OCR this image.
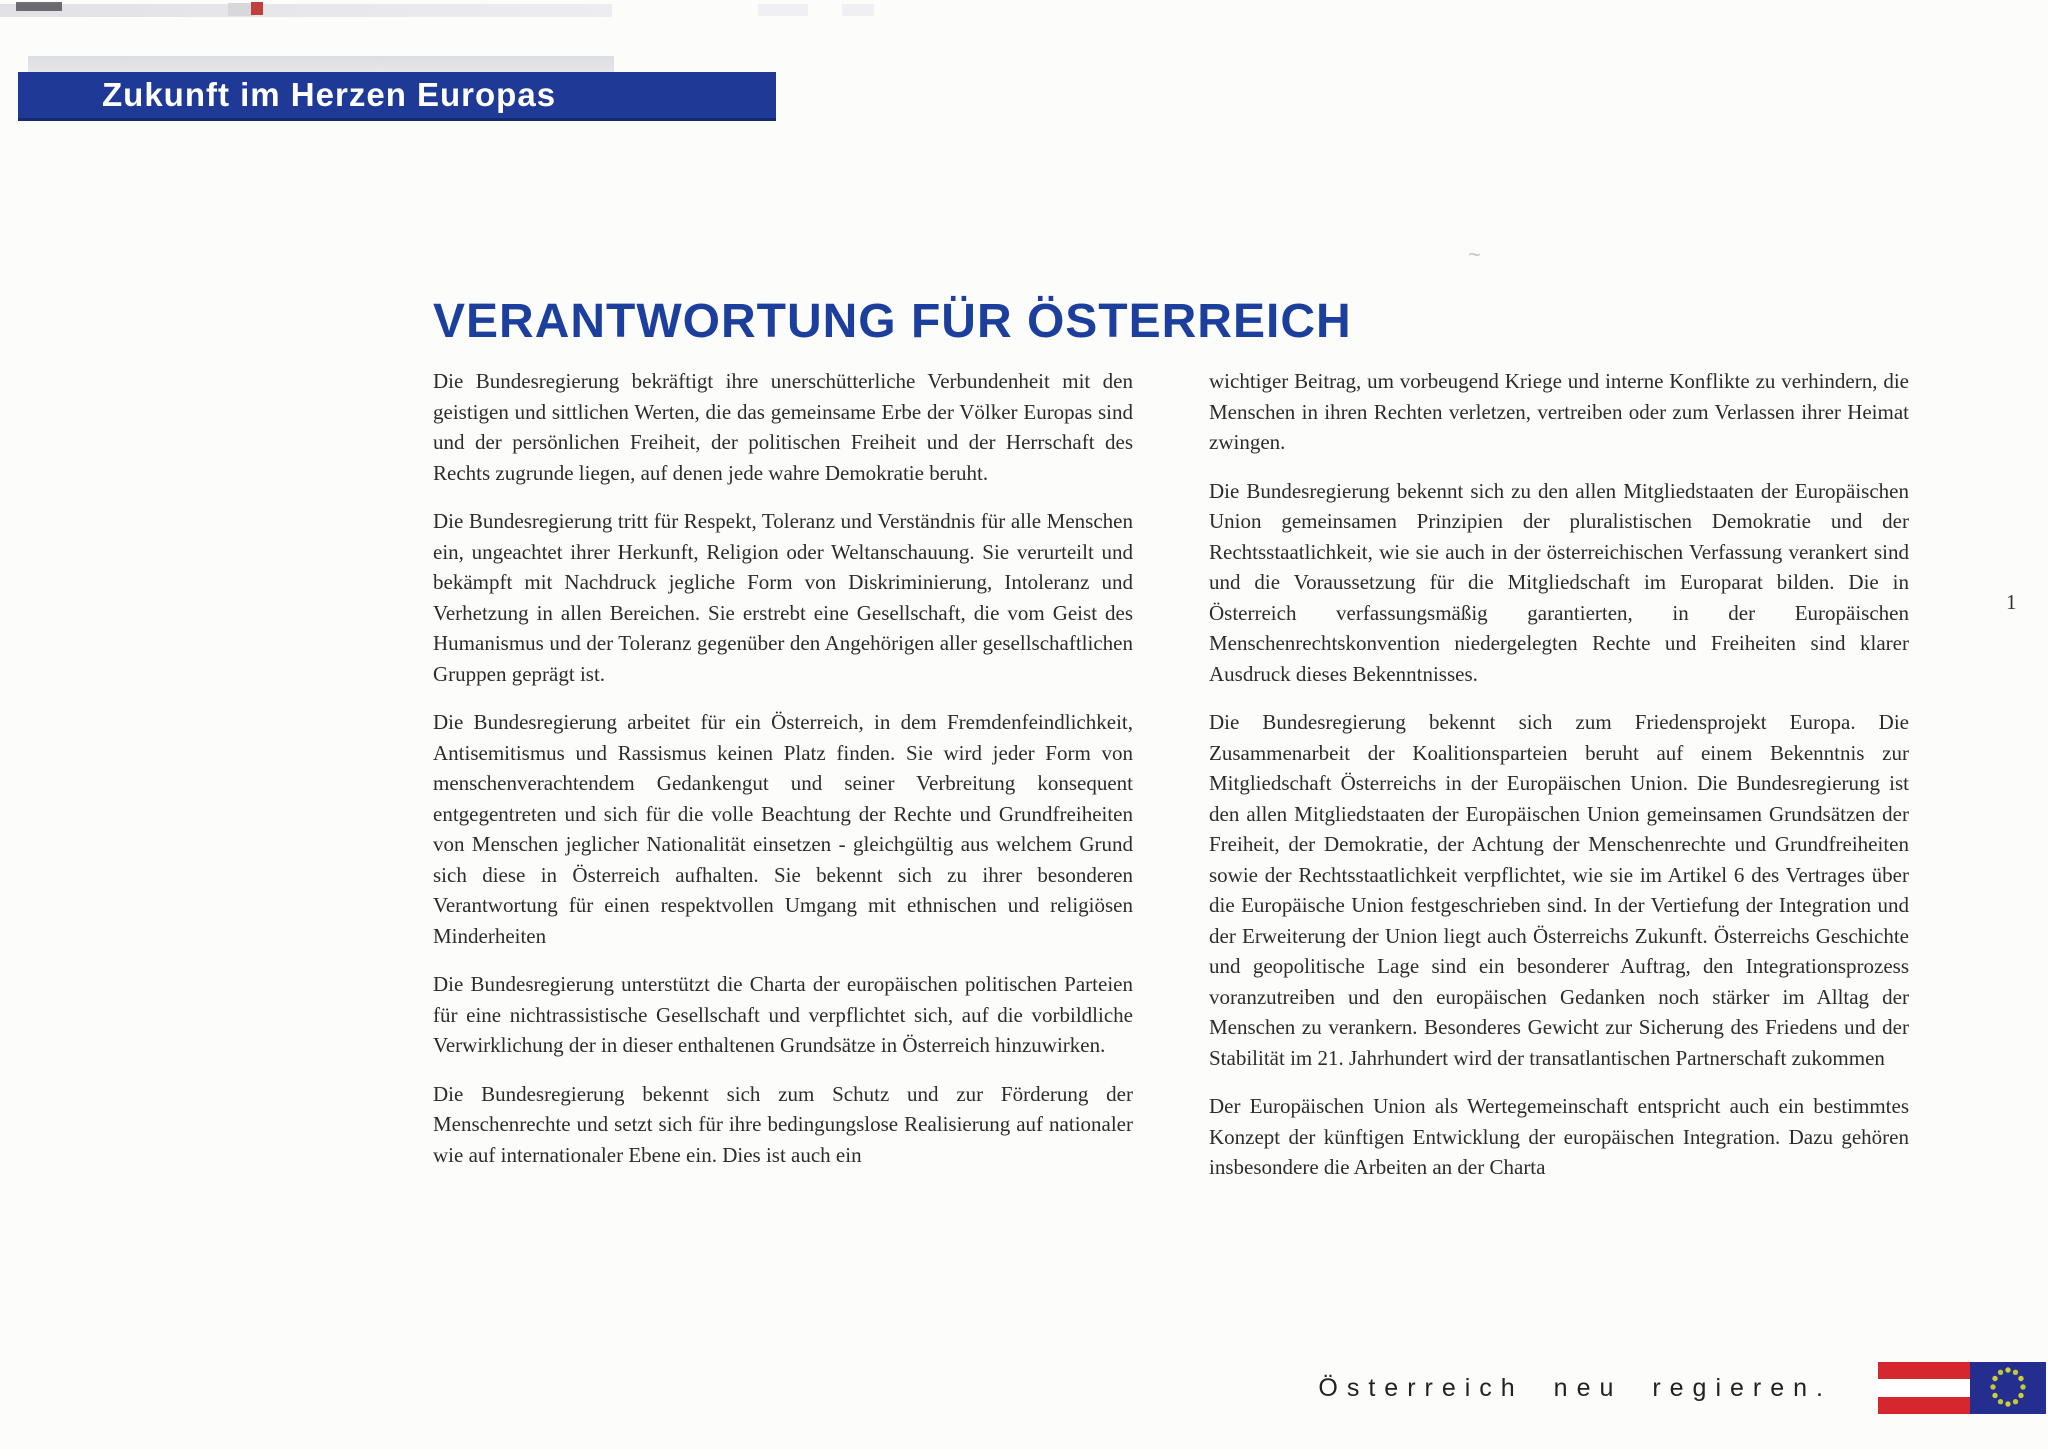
~
Zukunft im Herzen Europas
VERANTWORTUNG FÜR ÖSTERREICH

Die Bundesregierung bekräftigt ihre unerschütterliche Verbundenheit mit den geistigen und sittlichen Werten, die das gemeinsame Erbe der Völker Europas sind und der persönlichen Freiheit, der politischen Freiheit und der Herrschaft des Rechts zugrunde liegen, auf denen jede wahre Demokratie beruht.

Die Bundesregierung tritt für Respekt, Toleranz und Verständnis für alle Menschen ein, ungeachtet ihrer Herkunft, Religion oder Weltanschauung. Sie verurteilt und bekämpft mit Nachdruck jegliche Form von Diskriminierung, Intoleranz und Verhetzung in allen Bereichen. Sie erstrebt eine Gesellschaft, die vom Geist des Humanismus und der Toleranz gegenüber den Angehörigen aller gesellschaftlichen Gruppen geprägt ist.

Die Bundesregierung arbeitet für ein Österreich, in dem Fremdenfeindlichkeit, Antisemitismus und Rassismus keinen Platz finden. Sie wird jeder Form von menschenverachtendem Gedankengut und seiner Verbreitung konsequent entgegentreten und sich für die volle Beachtung der Rechte und Grundfreiheiten von Menschen jeglicher Nationalität einsetzen - gleichgültig aus welchem Grund sich diese in Österreich aufhalten. Sie bekennt sich zu ihrer besonderen Verantwortung für einen respektvollen Umgang mit ethnischen und religiösen Minderheiten

Die Bundesregierung unterstützt die Charta der europäischen politischen Parteien für eine nichtrassistische Gesellschaft und verpflichtet sich, auf die vorbildliche Verwirklichung der in dieser enthaltenen Grundsätze in Österreich hinzuwirken.

Die Bundesregierung bekennt sich zum Schutz und zur Förderung der Menschenrechte und setzt sich für ihre bedingungslose Realisierung auf nationaler wie auf internationaler Ebene ein. Dies ist auch ein

wichtiger Beitrag, um vorbeugend Kriege und interne Konflikte zu verhindern, die Menschen in ihren Rechten verletzen, vertreiben oder zum Verlassen ihrer Heimat zwingen.

Die Bundesregierung bekennt sich zu den allen Mitgliedstaaten der Europäischen Union gemeinsamen Prinzipien der pluralistischen Demokratie und der Rechtsstaatlichkeit, wie sie auch in der österreichischen Verfassung verankert sind und die Voraussetzung für die Mitgliedschaft im Europarat bilden. Die in Österreich verfassungsmäßig garantierten, in der Europäischen Menschenrechtskonvention niedergelegten Rechte und Freiheiten sind klarer Ausdruck dieses Bekenntnisses.

Die Bundesregierung bekennt sich zum Friedensprojekt Europa. Die Zusammenarbeit der Koalitionsparteien beruht auf einem Bekenntnis zur Mitgliedschaft Österreichs in der Europäischen Union. Die Bundesregierung ist den allen Mitgliedstaaten der Europäischen Union gemeinsamen Grundsätzen der Freiheit, der Demokratie, der Achtung der Menschenrechte und Grundfreiheiten sowie der Rechtsstaatlichkeit verpflichtet, wie sie im Artikel 6 des Vertrages über die Europäische Union festgeschrieben sind. In der Vertiefung der Integration und der Erweiterung der Union liegt auch Österreichs Zukunft. Österreichs Geschichte und geopolitische Lage sind ein besonderer Auftrag, den Integrationsprozess voranzutreiben und den europäischen Gedanken noch stärker im Alltag der Menschen zu verankern. Besonderes Gewicht zur Sicherung des Friedens und der Stabilität im 21. Jahrhundert wird der transatlantischen Partnerschaft zukommen

Der Europäischen Union als Wertegemeinschaft entspricht auch ein bestimmtes Konzept der künftigen Entwicklung der europäischen Integration. Dazu gehören insbesondere die Arbeiten an der Charta

1
Österreich neu regieren.
